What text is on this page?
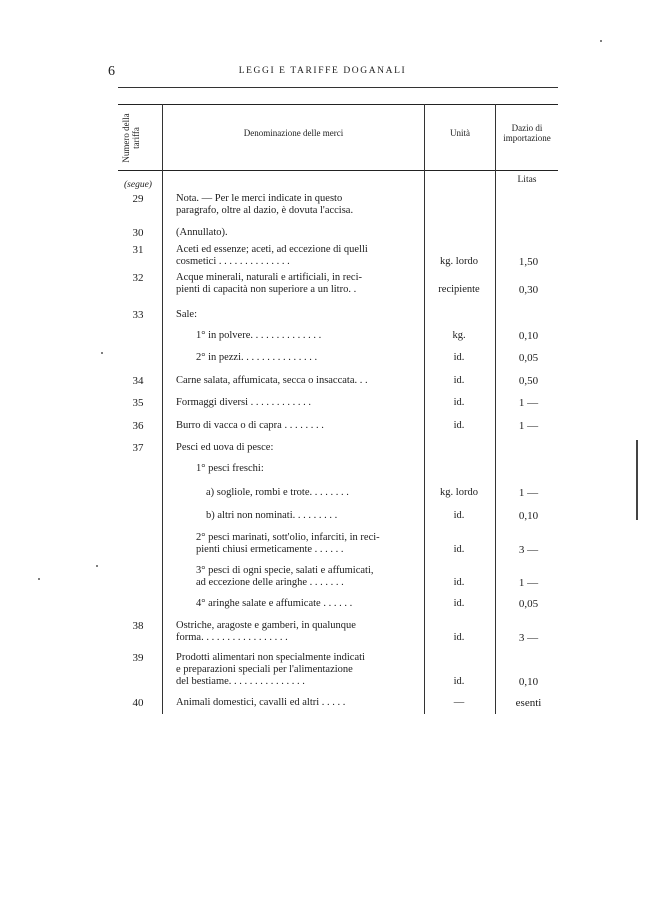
6	LEGGI E TARIFFE DOGANALI
Numero della tariffa	Denominazione delle merci	Unità	Dazio di importazione
(segue)	Litas
29	Nota. — Per le merci indicate in questo
paragrafo, oltre al dazio, è dovuta l'accisa.
30	(Annullato).
31	Aceti ed essenze; aceti, ad eccezione di quelli
cosmetici . . . . . . . . . . . . . .	kg. lordo	1,50
32	Acque minerali, naturali e artificiali, in reci-
pienti di capacità non superiore a un litro. .	recipiente	0,30
33	Sale:
1° in polvere. . . . . . . . . . . . . .	kg.	0,10
2° in pezzi. . . . . . . . . . . . . . .	id.	0,05
34	Carne salata, affumicata, secca o insaccata. . .	id.	0,50
35	Formaggi diversi . . . . . . . . . . . .	id.	1 —
36	Burro di vacca o di capra . . . . . . . .	id.	1 —
37	Pesci ed uova di pesce:
1° pesci freschi:
a) sogliole, rombi e trote. . . . . . . .	kg. lordo	1 —
b) altri non nominati. . . . . . . . .	id.	0,10
2° pesci marinati, sott'olio, infarciti, in reci-
pienti chiusi ermeticamente . . . . . .	id.	3 —
3° pesci di ogni specie, salati e affumicati,
ad eccezione delle aringhe . . . . . . .	id.	1 —
4° aringhe salate e affumicate . . . . . .	id.	0,05
38	Ostriche, aragoste e gamberi, in qualunque
forma. . . . . . . . . . . . . . . . .	id.	3 —
39	Prodotti alimentari non specialmente indicati
e preparazioni speciali per l'alimentazione
del bestiame. . . . . . . . . . . . . . .	id.	0,10
40	Animali domestici, cavalli ed altri . . . . .	—	esenti
